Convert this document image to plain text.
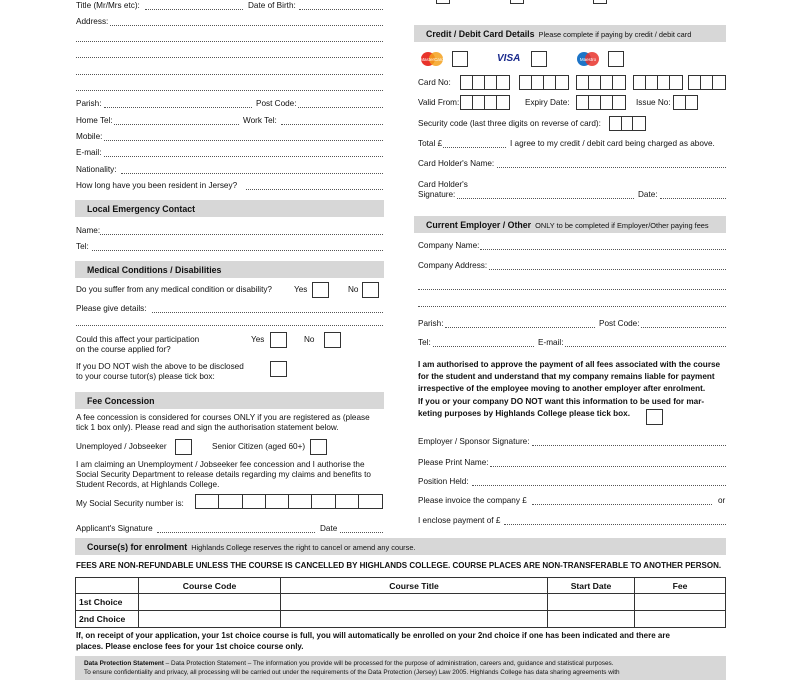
Title (Mr/Mrs etc):	Date of Birth:
Address:
Parish:	Post Code:
Home Tel:	Work Tel:
Mobile:
E-mail:
Nationality:
How long have you been resident in Jersey?
Local Emergency Contact
Name:
Tel:
Medical Conditions / Disabilities
Do you suffer from any medical condition or disability?	Yes	No
Please give details:
Could this affect your participation
on the course applied for?
Yes	No
If you DO NOT wish the above to be disclosed
to your course tutor(s) please tick box:
Fee Concession
A fee concession is considered for courses ONLY if you are registered as (please
tick 1 box only). Please read and sign the authorisation statement below.
Unemployed / Jobseeker	Senior Citizen (aged 60+)
I am claiming an Unemployment / Jobseeker fee concession and I authorise the
Social Security Department to release details regarding my claims and benefits to
Student Records, at Highlands College.
My Social Security number is:
Applicant's Signature	Date
Credit / Debit Card Details Please complete if paying by credit / debit card
MasterCard	VISA	Maestro
Card No:
Valid From:	Expiry Date:	Issue No:
Security code (last three digits on reverse of card):
Total £	I agree to my credit / debit card being charged as above.
Card Holder's Name:
Card Holder's
Signature:	Date:
Current Employer / Other ONLY to be completed if Employer/Other paying fees
Company Name:
Company Address:
Parish:	Post Code:
Tel:	E-mail:
I am authorised to approve the payment of all fees associated with the course
for the student and understand that my company remains liable for payment
irrespective of the employee moving to another employer after enrolment.
If you or your company DO NOT want this information to be used for mar-
keting purposes by Highlands College please tick box.
Employer / Sponsor Signature:
Please Print Name:
Position Held:
Please invoice the company £	or
I enclose payment of £
Course(s) for enrolment Highlands College reserves the right to cancel or amend any course.
FEES ARE NON-REFUNDABLE UNLESS THE COURSE IS CANCELLED BY HIGHLANDS COLLEGE. COURSE PLACES ARE NON-TRANSFERABLE TO ANOTHER PERSON.
	Course Code	Course Title	Start Date	Fee
1st Choice				
2nd Choice				
If, on receipt of your application, your 1st choice course is full, you will automatically be enrolled on your 2nd choice if one has been indicated and there are
places. Please enclose fees for your 1st choice course only.
Data Protection Statement – Data Protection Statement – The information you provide will be processed for the purpose of administration, careers and, guidance and statistical purposes.
To ensure confidentiality and privacy, all processing will be carried out under the requirements of the Data Protection (Jersey) Law 2005. Highlands College has data sharing agreements with
